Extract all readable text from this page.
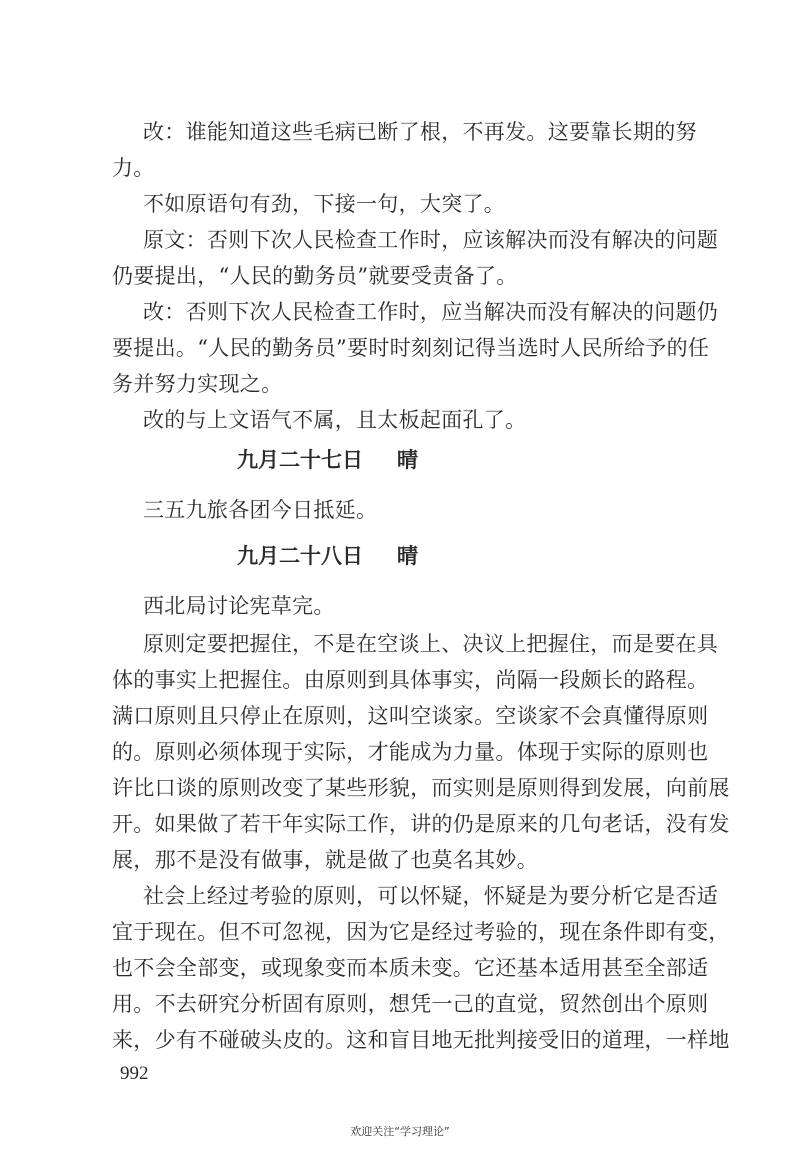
改：谁能知道这些毛病已断了根，不再发。这要靠长期的努
力。
不如原语句有劲，下接一句，大突了。
原文：否则下次人民检查工作时，应该解决而没有解决的问题
仍要提出，“人民的勤务员”就要受责备了。
改：否则下次人民检查工作时，应当解决而没有解决的问题仍
要提出。“人民的勤务员”要时时刻刻记得当选时人民所给予的任
务并努力实现之。
改的与上文语气不属，且太板起面孔了。
九月二十七日 晴
三五九旅各团今日抵延。
九月二十八日 晴
西北局讨论宪草完。
原则定要把握住，不是在空谈上、决议上把握住，而是要在具
体的事实上把握住。由原则到具体事实，尚隔一段颇长的路程。
满口原则且只停止在原则，这叫空谈家。空谈家不会真懂得原则
的。原则必须体现于实际，才能成为力量。体现于实际的原则也
许比口谈的原则改变了某些形貌，而实则是原则得到发展，向前展
开。如果做了若干年实际工作，讲的仍是原来的几句老话，没有发
展，那不是没有做事，就是做了也莫名其妙。
社会上经过考验的原则，可以怀疑，怀疑是为要分析它是否适
宜于现在。但不可忽视，因为它是经过考验的，现在条件即有变，
也不会全部变，或现象变而本质未变。它还基本适用甚至全部适
用。不去研究分析固有原则，想凭一己的直觉，贸然创出个原则
来，少有不碰破头皮的。这和盲目地无批判接受旧的道理，一样地
欢迎关注“学习理论”
992
